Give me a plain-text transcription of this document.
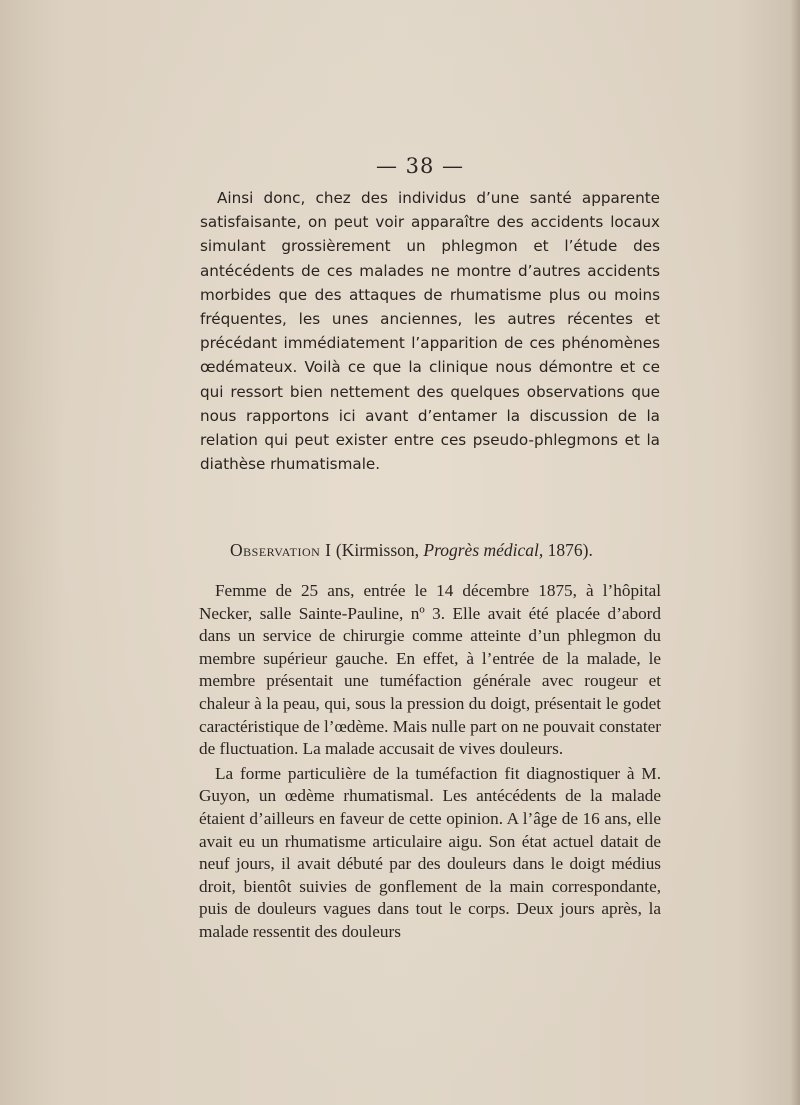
— 38 —

Ainsi donc, chez des individus d’une santé apparente satisfaisante, on peut voir apparaître des accidents locaux simulant grossièrement un phlegmon et l’étude des antécédents de ces malades ne montre d’autres accidents morbides que des attaques de rhumatisme plus ou moins fréquentes, les unes anciennes, les autres récentes et précédant immédiatement l’apparition de ces phénomènes œdémateux. Voilà ce que la clinique nous démontre et ce qui ressort bien nettement des quelques observations que nous rapportons ici avant d’entamer la discussion de la relation qui peut exister entre ces pseudo-phlegmons et la diathèse rhumatismale.

Observation I (Kirmisson, Progrès médical, 1876).

Femme de 25 ans, entrée le 14 décembre 1875, à l’hôpital Necker, salle Sainte-Pauline, nº 3. Elle avait été placée d’abord dans un service de chirurgie comme atteinte d’un phlegmon du membre supérieur gauche. En effet, à l’entrée de la malade, le membre présentait une tuméfaction générale avec rougeur et chaleur à la peau, qui, sous la pression du doigt, présentait le godet caractéristique de l’œdème. Mais nulle part on ne pouvait constater de fluctuation. La malade accusait de vives douleurs.

La forme particulière de la tuméfaction fit diagnostiquer à M. Guyon, un œdème rhumatismal. Les antécédents de la malade étaient d’ailleurs en faveur de cette opinion. A l’âge de 16 ans, elle avait eu un rhumatisme articulaire aigu. Son état actuel datait de neuf jours, il avait débuté par des douleurs dans le doigt médius droit, bientôt suivies de gonflement de la main correspondante, puis de douleurs vagues dans tout le corps. Deux jours après, la malade ressentit des douleurs
